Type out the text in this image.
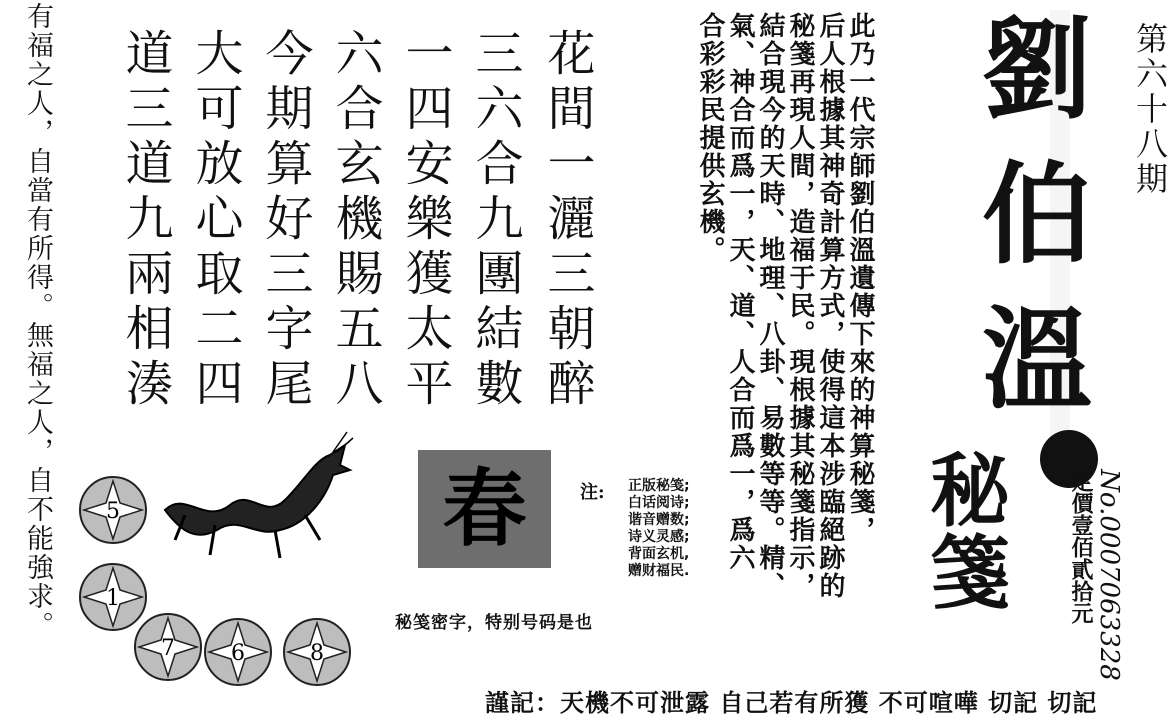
有福之人，自當有所得。無福之人，自不能強求。	花間一灑三朝醉
三六合九團結數
一四安樂獲太平
六合玄機賜五八
今期算好三字尾
大可放心取二四
道三道九兩相湊	此乃一代宗師劉伯溫遺傳下來的神算秘箋，
后人根據其神奇計算方式，使得這本涉臨絕跡的
秘箋再現人間，造福于民。現根據其秘箋指示，
結合現今的天時、地理、八卦、易數等等。精、
氣、神合而爲一，天、道、人合而爲一，爲六
合彩彩民提供玄機。 劉
伯
溫
秘箋
第六十八期
定價壹佰貳拾元 No.0007063328
5
1
7	6	8
春	注: 正版秘笺;
白话阅诗;
谐音赠数;
诗义灵感;
背面玄机,
赠财福民.
秘笺密字，特别号码是也
謹記：天機不可泄露 自己若有所獲 不可喧嘩 切記 切記
